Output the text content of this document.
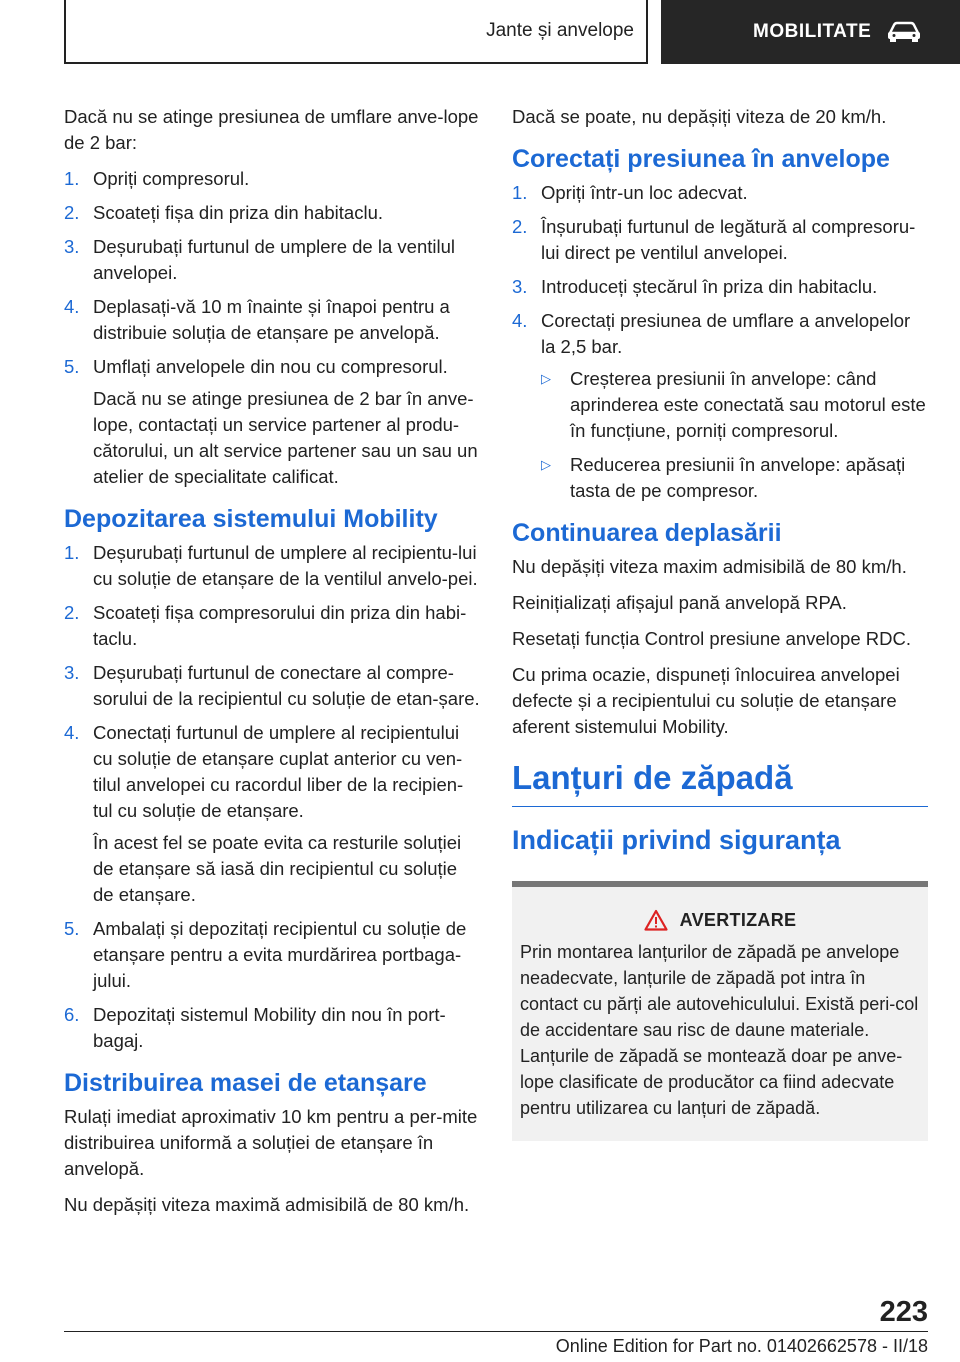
Jante și anvelope	MOBILITATE

Dacă nu se atinge presiunea de umflare anve-lope de 2 bar:

1. Opriți compresorul.
2. Scoateți fișa din priza din habitaclu.
3. Deșurubați furtunul de umplere de la ventilul anvelopei.
4. Deplasați-vă 10 m înainte și înapoi pentru a distribuie soluția de etanșare pe anvelopă.
5. Umflați anvelopele din nou cu compresorul.
Dacă nu se atinge presiunea de 2 bar în anve-lope, contactați un service partener al produ-cătorului, un alt service partener sau un sau un atelier de specialitate calificat.
Depozitarea sistemului Mobility
1. Deșurubați furtunul de umplere al recipientu-lui cu soluție de etanșare de la ventilul anvelo-pei.
2. Scoateți fișa compresorului din priza din habi-taclu.
3. Deșurubați furtunul de conectare al compre-sorului de la recipientul cu soluție de etan-șare.
4. Conectați furtunul de umplere al recipientului cu soluție de etanșare cuplat anterior cu ven-tilul anvelopei cu racordul liber de la recipien-tul cu soluție de etanșare.
În acest fel se poate evita ca resturile soluției de etanșare să iasă din recipientul cu soluție de etanșare.
5. Ambalați și depozitați recipientul cu soluție de etanșare pentru a evita murdărirea portbaga-jului.
6. Depozitați sistemul Mobility din nou în port-bagaj.
Distribuirea masei de etanșare

Rulați imediat aproximativ 10 km pentru a per-mite distribuirea uniformă a soluției de etanșare în anvelopă.

Nu depășiți viteza maximă admisibilă de 80 km/h.

Dacă se poate, nu depășiți viteza de 20 km/h.

Corectați presiunea în anvelope
1. Opriți într-un loc adecvat.
2. Înșurubați furtunul de legătură al compresoru-lui direct pe ventilul anvelopei.
3. Introduceți ștecărul în priza din habitaclu.
4. Corectați presiunea de umflare a anvelopelor la 2,5 bar.
▷ Creșterea presiunii în anvelope: când aprinderea este conectată sau motorul este în funcțiune, porniți compresorul.
▷ Reducerea presiunii în anvelope: apăsați tasta de pe compresor.
Continuarea deplasării

Nu depășiți viteza maxim admisibilă de 80 km/h.

Reinițializați afișajul pană anvelopă RPA.

Resetați funcția Control presiune anvelope RDC.

Cu prima ocazie, dispuneți înlocuirea anvelopei defecte și a recipientului cu soluție de etanșare aferent sistemului Mobility.

Lanțuri de zăpadă
Indicații privind siguranța
AVERTIZARE
Prin montarea lanțurilor de zăpadă pe anvelope neadecvate, lanțurile de zăpadă pot intra în contact cu părți ale autovehiculului. Există peri-col de accidentare sau risc de daune materiale. Lanțurile de zăpadă se montează doar pe anve-lope clasificate de producător ca fiind adecvate pentru utilizarea cu lanțuri de zăpadă.
223
Online Edition for Part no. 01402662578 - II/18
